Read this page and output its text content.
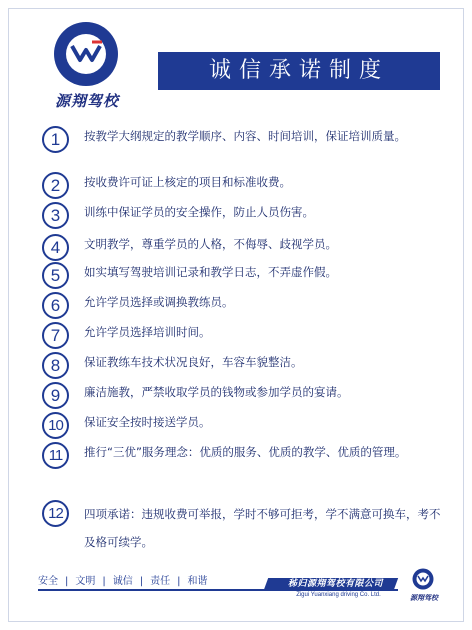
源翔驾校
诚信承诺制度
1	按教学大纲规定的教学顺序、内容、时间培训，保证培训质量。
2	按收费许可证上核定的项目和标准收费。
3	训练中保证学员的安全操作，防止人员伤害。
4	文明教学，尊重学员的人格，不侮辱、歧视学员。
5	如实填写驾驶培训记录和教学日志，不弄虚作假。
6	允许学员选择或调换教练员。
7	允许学员选择培训时间。
8	保证教练车技术状况良好，车容车貌整洁。
9	廉洁施教，严禁收取学员的钱物或参加学员的宴请。
10	保证安全按时接送学员。
11	推行“三优”服务理念：优质的服务、优质的教学、优质的管理。
12	四项承诺：违规收费可举报，学时不够可拒考，学不满意可换车，考不及格可续学。
安全 | 文明 | 诚信 | 责任 | 和谐	秭归源翔驾校有限公司
Zigui Yuanxiang driving Co. Ltd.	源翔驾校
